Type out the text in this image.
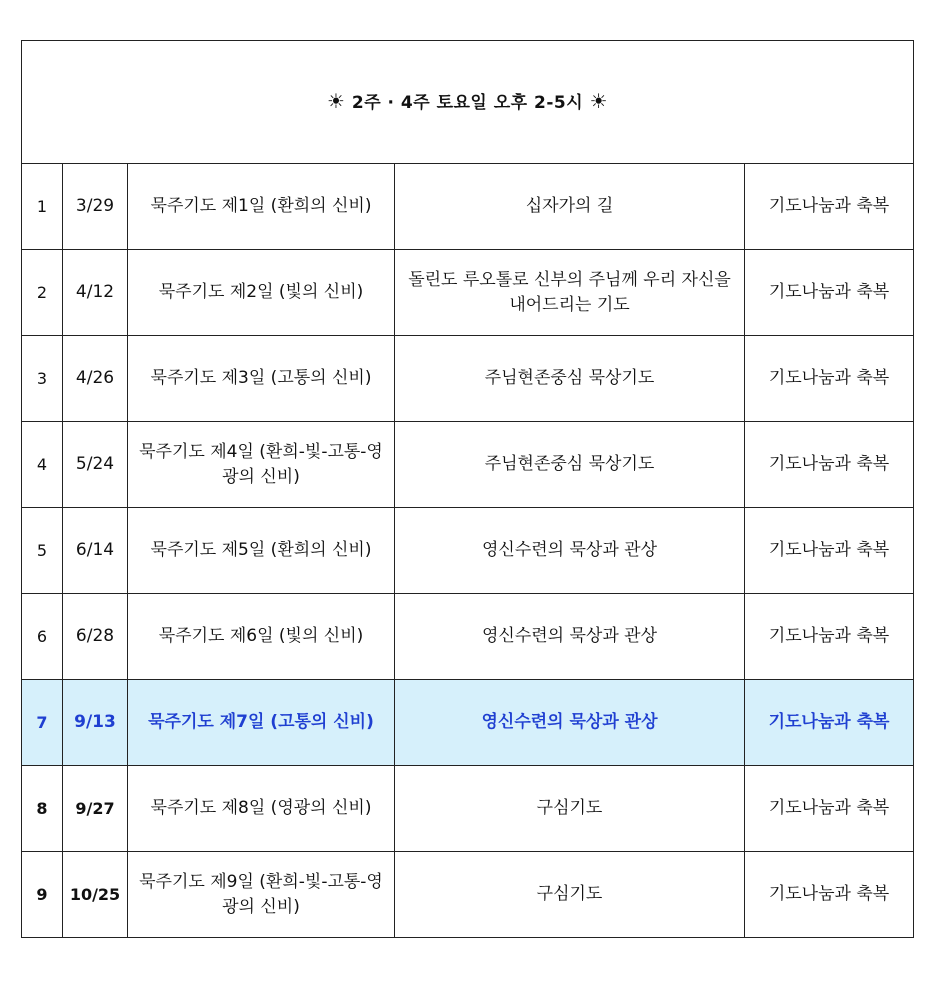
☀ 2주 · 4주 토요일 오후 2-5시 ☀				
1	3/29	묵주기도 제1일 (환희의 신비)	십자가의 길	기도나눔과 축복
2	4/12	묵주기도 제2일 (빛의 신비)	돌린도 루오톨로 신부의 주님께 우리 자신을 내어드리는 기도	기도나눔과 축복
3	4/26	묵주기도 제3일 (고통의 신비)	주님현존중심 묵상기도	기도나눔과 축복
4	5/24	묵주기도 제4일 (환희-빛-고통-영광의 신비)	주님현존중심 묵상기도	기도나눔과 축복
5	6/14	묵주기도 제5일 (환희의 신비)	영신수련의 묵상과 관상	기도나눔과 축복
6	6/28	묵주기도 제6일 (빛의 신비)	영신수련의 묵상과 관상	기도나눔과 축복
7	9/13	묵주기도 제7일 (고통의 신비)	영신수련의 묵상과 관상	기도나눔과 축복
8	9/27	묵주기도 제8일 (영광의 신비)	구심기도	기도나눔과 축복
9	10/25	묵주기도 제9일 (환희-빛-고통-영광의 신비)	구심기도	기도나눔과 축복
